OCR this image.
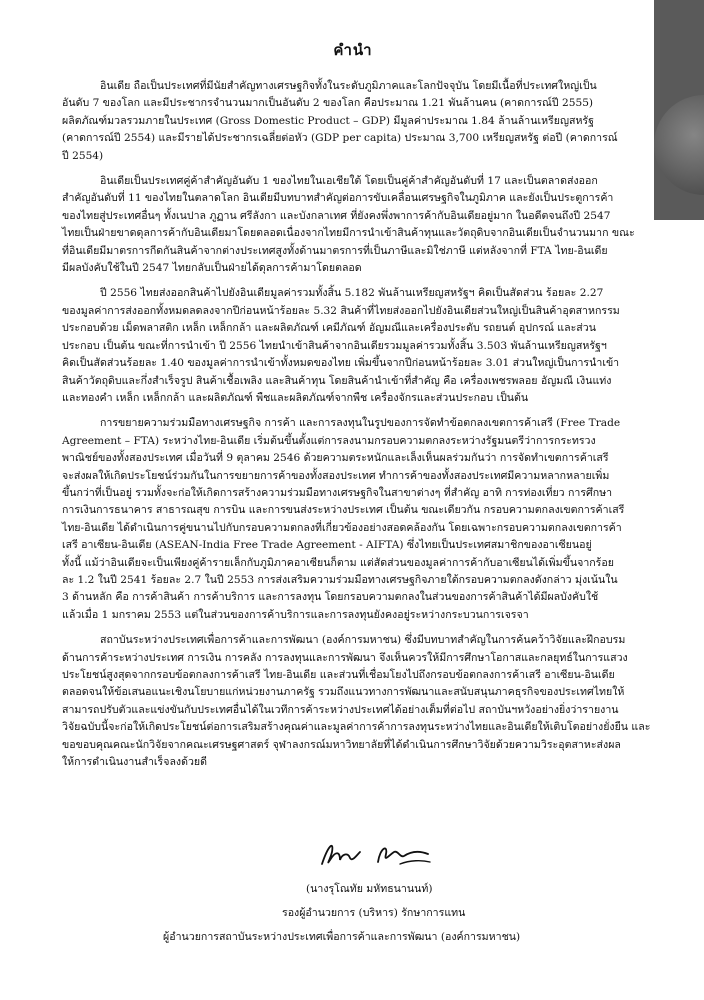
คำนำ

อินเดีย ถือเป็นประเทศที่มีนัยสำคัญทางเศรษฐกิจทั้งในระดับภูมิภาคและโลกปัจจุบัน โดยมีเนื้อที่ประเทศใหญ่เป็น
อันดับ 7 ของโลก และมีประชากรจำนวนมากเป็นอันดับ 2 ของโลก คือประมาณ 1.21 พันล้านคน (คาดการณ์ปี 2555)
ผลิตภัณฑ์มวลรวมภายในประเทศ (Gross Domestic Product – GDP) มีมูลค่าประมาณ 1.84 ล้านล้านเหรียญสหรัฐ
(คาดการณ์ปี 2554) และมีรายได้ประชากรเฉลี่ยต่อหัว (GDP per capita) ประมาณ 3,700 เหรียญสหรัฐ ต่อปี (คาดการณ์
ปี 2554)

อินเดียเป็นประเทศคู่ค้าสำคัญอันดับ 1 ของไทยในเอเชียใต้ โดยเป็นคู่ค้าสำคัญอันดับที่ 17 และเป็นตลาดส่งออก
สำคัญอันดับที่ 11 ของไทยในตลาดโลก อินเดียมีบทบาทสำคัญต่อการขับเคลื่อนเศรษฐกิจในภูมิภาค และยังเป็นประตูการค้า
ของไทยสู่ประเทศอื่นๆ ทั้งเนปาล ภูฏาน ศรีลังกา และบังกลาเทศ ที่ยังคงพึ่งพาการค้ากับอินเดียอยู่มาก ในอดีตจนถึงปี 2547
ไทยเป็นฝ่ายขาดดุลการค้ากับอินเดียมาโดยตลอดเนื่องจากไทยมีการนำเข้าสินค้าทุนและวัตถุดิบจากอินเดียเป็นจำนวนมาก ขณะ
ที่อินเดียมีมาตรการกีดกันสินค้าจากต่างประเทศสูงทั้งด้านมาตรการที่เป็นภาษีและมิใช่ภาษี แต่หลังจากที่ FTA ไทย-อินเดีย
มีผลบังคับใช้ในปี 2547 ไทยกลับเป็นฝ่ายได้ดุลการค้ามาโดยตลอด

ปี 2556 ไทยส่งออกสินค้าไปยังอินเดียมูลค่ารวมทั้งสิ้น 5.182 พันล้านเหรียญสหรัฐฯ คิดเป็นสัดส่วน ร้อยละ 2.27
ของมูลค่าการส่งออกทั้งหมดลดลงจากปีก่อนหน้าร้อยละ 5.32 สินค้าที่ไทยส่งออกไปยังอินเดียส่วนใหญ่เป็นสินค้าอุตสาหกรรม
ประกอบด้วย เม็ดพลาสติก เหล็ก เหล็กกล้า และผลิตภัณฑ์ เคมีภัณฑ์ อัญมณีและเครื่องประดับ รถยนต์ อุปกรณ์ และส่วน
ประกอบ เป็นต้น ขณะที่การนำเข้า ปี 2556 ไทยนำเข้าสินค้าจากอินเดียรวมมูลค่ารวมทั้งสิ้น 3.503 พันล้านเหรียญสหรัฐฯ
คิดเป็นสัดส่วนร้อยละ 1.40 ของมูลค่าการนำเข้าทั้งหมดของไทย เพิ่มขึ้นจากปีก่อนหน้าร้อยละ 3.01 ส่วนใหญ่เป็นการนำเข้า
สินค้าวัตถุดิบและกึ่งสำเร็จรูป สินค้าเชื้อเพลิง และสินค้าทุน โดยสินค้านำเข้าที่สำคัญ คือ เครื่องเพชรพลอย อัญมณี เงินแท่ง
และทองคำ เหล็ก เหล็กกล้า และผลิตภัณฑ์ พืชและผลิตภัณฑ์จากพืช เครื่องจักรและส่วนประกอบ เป็นต้น

การขยายความร่วมมือทางเศรษฐกิจ การค้า และการลงทุนในรูปของการจัดทำข้อตกลงเขตการค้าเสรี (Free Trade
Agreement – FTA) ระหว่างไทย-อินเดีย เริ่มต้นขึ้นตั้งแต่การลงนามกรอบความตกลงระหว่างรัฐมนตรีว่าการกระทรวง
พาณิชย์ของทั้งสองประเทศ เมื่อวันที่ 9 ตุลาคม 2546 ด้วยความตระหนักและเล็งเห็นผลร่วมกันว่า การจัดทำเขตการค้าเสรี
จะส่งผลให้เกิดประโยชน์ร่วมกันในการขยายการค้าของทั้งสองประเทศ ทำการค้าของทั้งสองประเทศมีความหลากหลายเพิ่ม
ขึ้นกว่าที่เป็นอยู่ รวมทั้งจะก่อให้เกิดการสร้างความร่วมมือทางเศรษฐกิจในสาขาต่างๆ ที่สำคัญ อาทิ การท่องเที่ยว การศึกษา
การเงินการธนาคาร สาธารณสุข การบิน และการขนส่งระหว่างประเทศ เป็นต้น ขณะเดียวกัน กรอบความตกลงเขตการค้าเสรี
ไทย-อินเดีย ได้ดำเนินการคู่ขนานไปกับกรอบความตกลงที่เกี่ยวข้องอย่างสอดคล้องกัน โดยเฉพาะกรอบความตกลงเขตการค้า
เสรี อาเซียน-อินเดีย (ASEAN-India Free Trade Agreement - AIFTA) ซึ่งไทยเป็นประเทศสมาชิกของอาเซียนอยู่
ทั้งนี้ แม้ว่าอินเดียจะเป็นเพียงคู่ค้ารายเล็กกับภูมิภาคอาเซียนก็ตาม แต่สัดส่วนของมูลค่าการค้ากับอาเซียนได้เพิ่มขึ้นจากร้อย
ละ 1.2 ในปี 2541 ร้อยละ 2.7 ในปี 2553 การส่งเสริมความร่วมมือทางเศรษฐกิจภายใต้กรอบความตกลงดังกล่าว มุ่งเน้นใน
3 ด้านหลัก คือ การค้าสินค้า การค้าบริการ และการลงทุน โดยกรอบความตกลงในส่วนของการค้าสินค้าได้มีผลบังคับใช้
แล้วเมื่อ 1 มกราคม 2553 แต่ในส่วนของการค้าบริการและการลงทุนยังคงอยู่ระหว่างกระบวนการเจรจา

สถาบันระหว่างประเทศเพื่อการค้าและการพัฒนา (องค์การมหาชน) ซึ่งมีบทบาทสำคัญในการค้นคว้าวิจัยและฝึกอบรม
ด้านการค้าระหว่างประเทศ การเงิน การคลัง การลงทุนและการพัฒนา จึงเห็นควรให้มีการศึกษาโอกาสและกลยุทธ์ในการแสวง
ประโยชน์สูงสุดจากกรอบข้อตกลงการค้าเสรี ไทย-อินเดีย และส่วนที่เชื่อมโยงไปถึงกรอบข้อตกลงการค้าเสรี อาเซียน-อินเดีย
ตลอดจนให้ข้อเสนอแนะเชิงนโยบายแก่หน่วยงานภาครัฐ รวมถึงแนวทางการพัฒนาและสนับสนุนภาคธุรกิจของประเทศไทยให้
สามารถปรับตัวและแข่งขันกับประเทศอื่นได้ในเวทีการค้าระหว่างประเทศได้อย่างเต็มที่ต่อไป สถาบันฯหวังอย่างยิ่งว่ารายงาน
วิจัยฉบับนี้จะก่อให้เกิดประโยชน์ต่อการเสริมสร้างคุณค่าและมูลค่าการค้าการลงทุนระหว่างไทยและอินเดียให้เติบโตอย่างยั่งยืน และ
ขอขอบคุณคณะนักวิจัยจากคณะเศรษฐศาสตร์ จุฬาลงกรณ์มหาวิทยาลัยที่ได้ดำเนินการศึกษาวิจัยด้วยความวิระอุตสาหะส่งผล
ให้การดำเนินงานสำเร็จลงด้วยดี

(นางรุโณทัย มหัทธนานนท์)
รองผู้อำนวยการ (บริหาร) รักษาการแทน
ผู้อำนวยการสถาบันระหว่างประเทศเพื่อการค้าและการพัฒนา (องค์การมหาชน)
